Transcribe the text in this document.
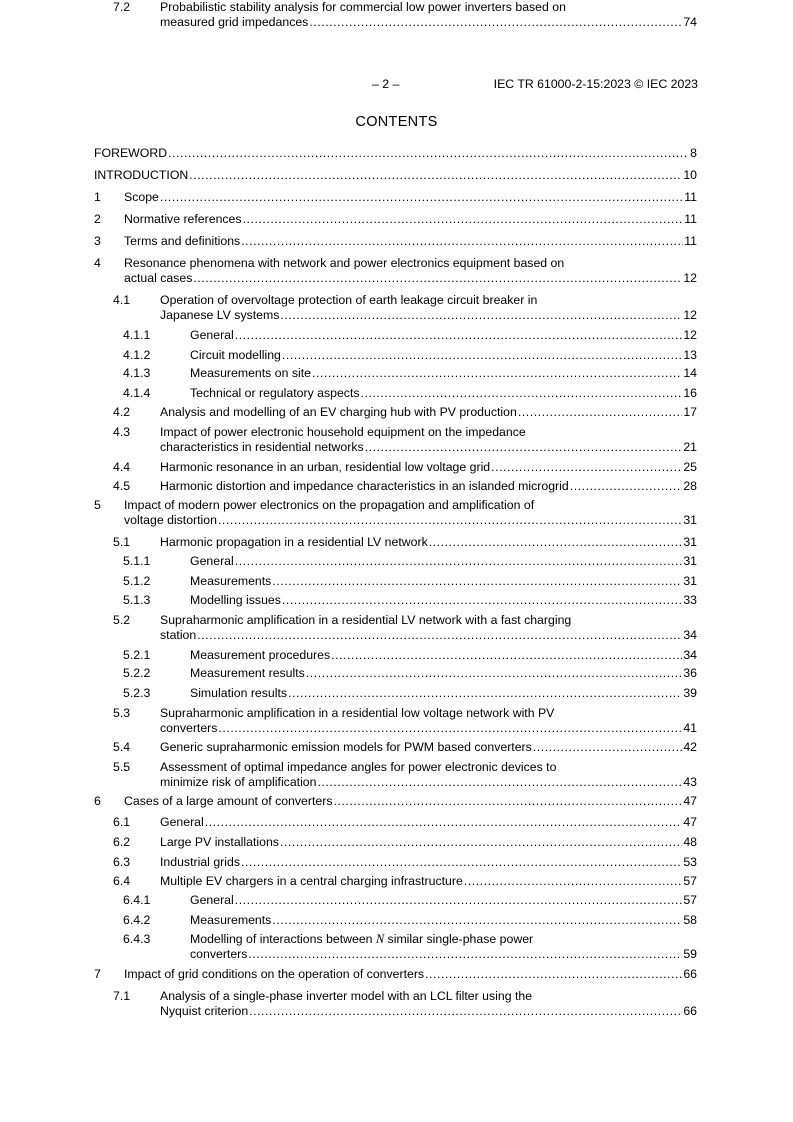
– 2 –	IEC TR 61000-2-15:2023 © IEC 2023
CONTENTS
FOREWORD .....	8
INTRODUCTION .....	10
1 Scope .....	11
2 Normative references .....	11
3 Terms and definitions .....	11
4 Resonance phenomena with network and power electronics equipment based on
actual cases .....	12
4.1 Operation of overvoltage protection of earth leakage circuit breaker in
Japanese LV systems .....	12
4.1.1	General .....	12
4.1.2	Circuit modelling .....	13
4.1.3	Measurements on site .....	14
4.1.4	Technical or regulatory aspects .....	16
4.2 Analysis and modelling of an EV charging hub with PV production .....	17
4.3 Impact of power electronic household equipment on the impedance
characteristics in residential networks .....	21
4.4 Harmonic resonance in an urban, residential low voltage grid .....	25
4.5 Harmonic distortion and impedance characteristics in an islanded microgrid .....	28
5 Impact of modern power electronics on the propagation and amplification of
voltage distortion .....	31
5.1 Harmonic propagation in a residential LV network .....	31
5.1.1	General .....	31
5.1.2	Measurements .....	31
5.1.3	Modelling issues .....	33
5.2 Supraharmonic amplification in a residential LV network with a fast charging
station .....	34
5.2.1	Measurement procedures .....	34
5.2.2	Measurement results .....	36
5.2.3	Simulation results .....	39
5.3 Supraharmonic amplification in a residential low voltage network with PV
converters .....	41
5.4 Generic supraharmonic emission models for PWM based converters .....	42
5.5 Assessment of optimal impedance angles for power electronic devices to
minimize risk of amplification .....	43
6 Cases of a large amount of converters .....	47
6.1 General .....	47
6.2 Large PV installations .....	48
6.3 Industrial grids .....	53
6.4 Multiple EV chargers in a central charging infrastructure .....	57
6.4.1	General .....	57
6.4.2	Measurements .....	58
6.4.3	Modelling of interactions between N similar single-phase power
converters .....	59
7 Impact of grid conditions on the operation of converters .....	66
7.1 Analysis of a single-phase inverter model with an LCL filter using the
Nyquist criterion .....	66
7.2 Probabilistic stability analysis for commercial low power inverters based on
measured grid impedances .....	74
